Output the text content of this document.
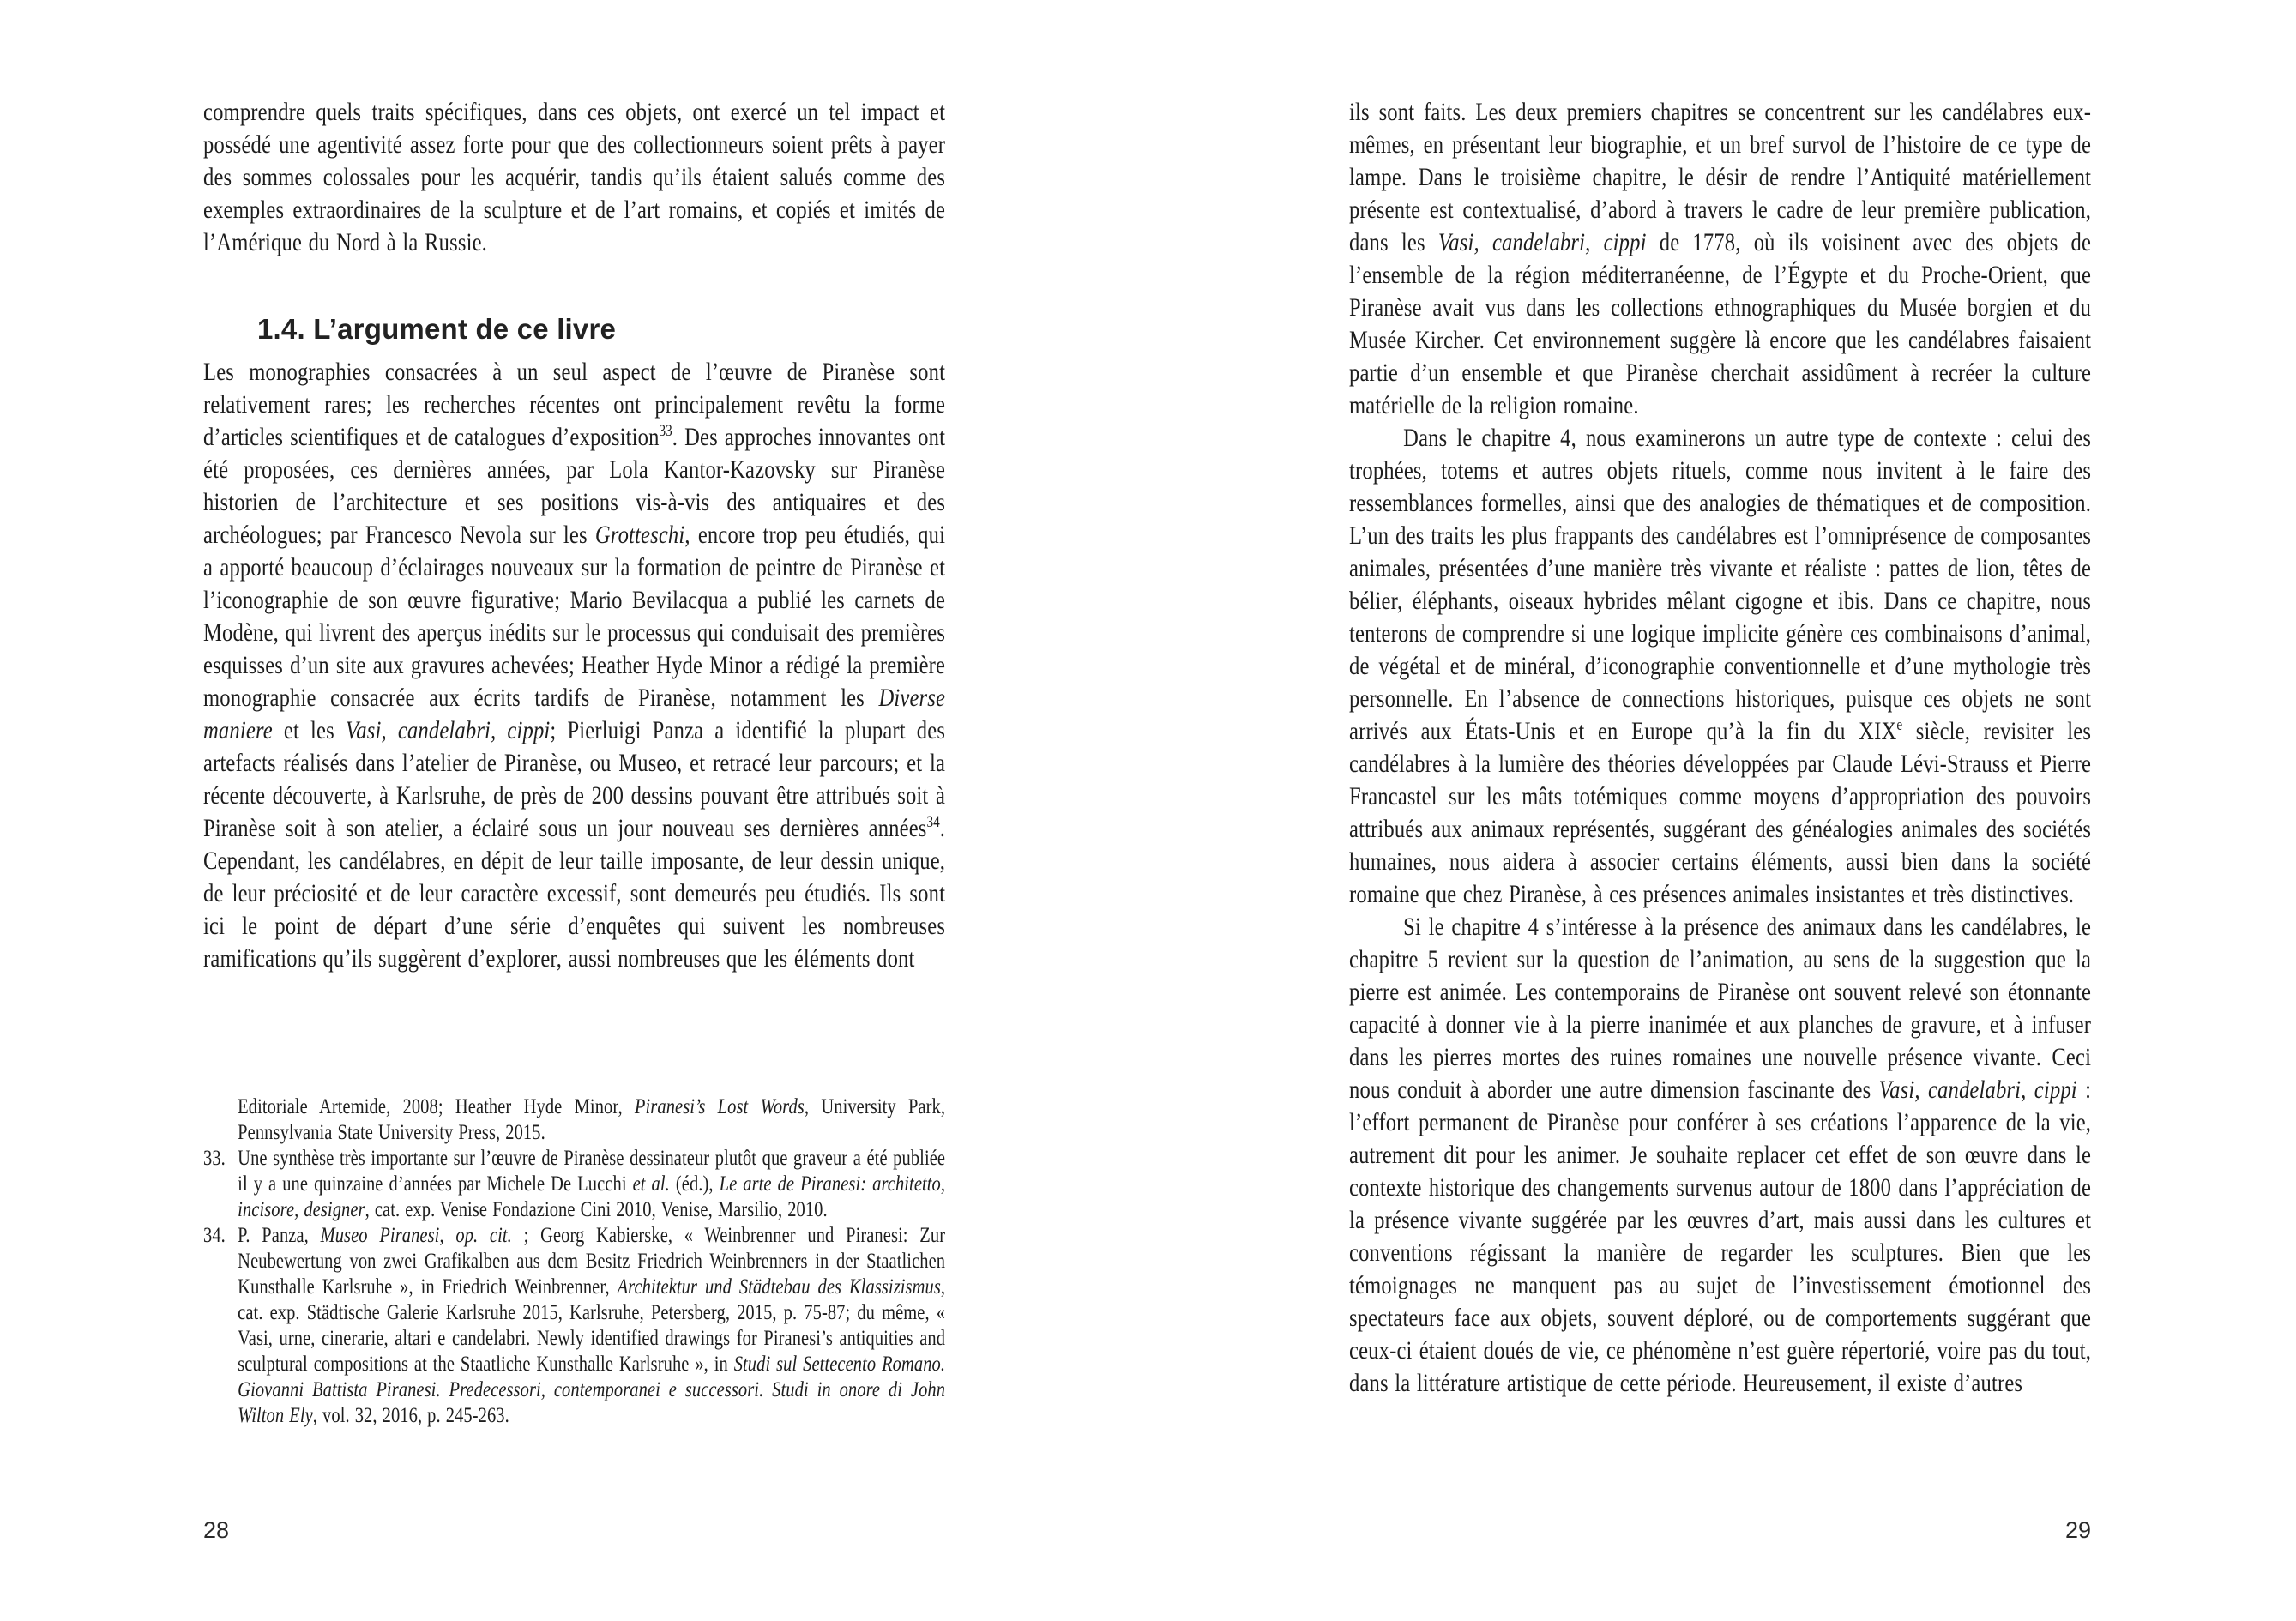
comprendre quels traits spécifiques, dans ces objets, ont exercé un tel impact et possédé une agentivité assez forte pour que des collectionneurs soient prêts à payer des sommes colossales pour les acquérir, tandis qu’ils étaient salués comme des exemples extraordinaires de la sculpture et de l’art romains, et copiés et imités de l’Amérique du Nord à la Russie.
1.4. L’argument de ce livre
Les monographies consacrées à un seul aspect de l’œuvre de Piranèse sont relativement rares; les recherches récentes ont principalement revêtu la forme d’articles scientifiques et de catalogues d’exposition$^{33}$. Des approches innovantes ont été proposées, ces dernières années, par Lola Kantor-Kazovsky sur Piranèse historien de l’architecture et ses positions vis-à-vis des antiquaires et des archéologues; par Francesco Nevola sur les Grotteschi, encore trop peu étudiés, qui a apporté beaucoup d’éclairages nouveaux sur la formation de peintre de Piranèse et l’iconographie de son œuvre figurative; Mario Bevilacqua a publié les carnets de Modène, qui livrent des aperçus inédits sur le processus qui conduisait des premières esquisses d’un site aux gravures achevées; Heather Hyde Minor a rédigé la première monographie consacrée aux écrits tardifs de Piranèse, notamment les Diverse maniere et les Vasi, candelabri, cippi; Pierluigi Panza a identifié la plupart des artefacts réalisés dans l’atelier de Piranèse, ou Museo, et retracé leur parcours; et la récente découverte, à Karlsruhe, de près de 200 dessins pouvant être attribués soit à Piranèse soit à son atelier, a éclairé sous un jour nouveau ses dernières années$^{34}$. Cependant, les candélabres, en dépit de leur taille imposante, de leur dessin unique, de leur préciosité et de leur caractère excessif, sont demeurés peu étudiés. Ils sont ici le point de départ d’une série d’enquêtes qui suivent les nombreuses ramifications qu’ils suggèrent d’explorer, aussi nombreuses que les éléments dont
Editoriale Artemide, 2008; Heather Hyde Minor, Piranesi’s Lost Words, University Park, Pennsylvania State University Press, 2015.
33. Une synthèse très importante sur l’œuvre de Piranèse dessinateur plutôt que graveur a été publiée il y a une quinzaine d’années par Michele De Lucchi et al. (éd.), Le arte de Piranesi: architetto, incisore, designer, cat. exp. Venise Fondazione Cini 2010, Venise, Marsilio, 2010.
34. P. Panza, Museo Piranesi, op. cit. ; Georg Kabierske, « Weinbrenner und Piranesi: Zur Neubewertung von zwei Grafikalben aus dem Besitz Friedrich Weinbrenners in der Staatlichen Kunsthalle Karlsruhe », in Friedrich Weinbrenner, Architektur und Städtebau des Klassizismus, cat. exp. Städtische Galerie Karlsruhe 2015, Karlsruhe, Petersberg, 2015, p. 75-87; du même, « Vasi, urne, cinerarie, altari e candelabri. Newly identified drawings for Piranesi’s antiquities and sculptural compositions at the Staatliche Kunsthalle Karlsruhe », in Studi sul Settecento Romano. Giovanni Battista Piranesi. Predecessori, contemporanei e successori. Studi in onore di John Wilton Ely, vol. 32, 2016, p. 245-263.
28

ils sont faits. Les deux premiers chapitres se concentrent sur les candélabres eux-mêmes, en présentant leur biographie, et un bref survol de l’histoire de ce type de lampe. Dans le troisième chapitre, le désir de rendre l’Antiquité matériellement présente est contextualisé, d’abord à travers le cadre de leur première publication, dans les Vasi, candelabri, cippi de 1778, où ils voisinent avec des objets de l’ensemble de la région méditerranéenne, de l’Égypte et du Proche-Orient, que Piranèse avait vus dans les collections ethnographiques du Musée borgien et du Musée Kircher. Cet environnement suggère là encore que les candélabres faisaient partie d’un ensemble et que Piranèse cherchait assidûment à recréer la culture matérielle de la religion romaine.

Dans le chapitre 4, nous examinerons un autre type de contexte : celui des trophées, totems et autres objets rituels, comme nous invitent à le faire des ressemblances formelles, ainsi que des analogies de thématiques et de composition. L’un des traits les plus frappants des candélabres est l’omniprésence de composantes animales, présentées d’une manière très vivante et réaliste : pattes de lion, têtes de bélier, éléphants, oiseaux hybrides mêlant cigogne et ibis. Dans ce chapitre, nous tenterons de comprendre si une logique implicite génère ces combinaisons d’animal, de végétal et de minéral, d’iconographie conventionnelle et d’une mythologie très personnelle. En l’absence de connections historiques, puisque ces objets ne sont arrivés aux États-Unis et en Europe qu’à la fin du XIXe siècle, revisiter les candélabres à la lumière des théories développées par Claude Lévi-Strauss et Pierre Francastel sur les mâts totémiques comme moyens d’appropriation des pouvoirs attribués aux animaux représentés, suggérant des généalogies animales des sociétés humaines, nous aidera à associer certains éléments, aussi bien dans la société romaine que chez Piranèse, à ces présences animales insistantes et très distinctives.

Si le chapitre 4 s’intéresse à la présence des animaux dans les candélabres, le chapitre 5 revient sur la question de l’animation, au sens de la suggestion que la pierre est animée. Les contemporains de Piranèse ont souvent relevé son étonnante capacité à donner vie à la pierre inanimée et aux planches de gravure, et à infuser dans les pierres mortes des ruines romaines une nouvelle présence vivante. Ceci nous conduit à aborder une autre dimension fascinante des Vasi, candelabri, cippi : l’effort permanent de Piranèse pour conférer à ses créations l’apparence de la vie, autrement dit pour les animer. Je souhaite replacer cet effet de son œuvre dans le contexte historique des changements survenus autour de 1800 dans l’appréciation de la présence vivante suggérée par les œuvres d’art, mais aussi dans les cultures et conventions régissant la manière de regarder les sculptures. Bien que les témoignages ne manquent pas au sujet de l’investissement émotionnel des spectateurs face aux objets, souvent déploré, ou de comportements suggérant que ceux-ci étaient doués de vie, ce phénomène n’est guère répertorié, voire pas du tout, dans la littérature artistique de cette période. Heureusement, il existe d’autres

29
